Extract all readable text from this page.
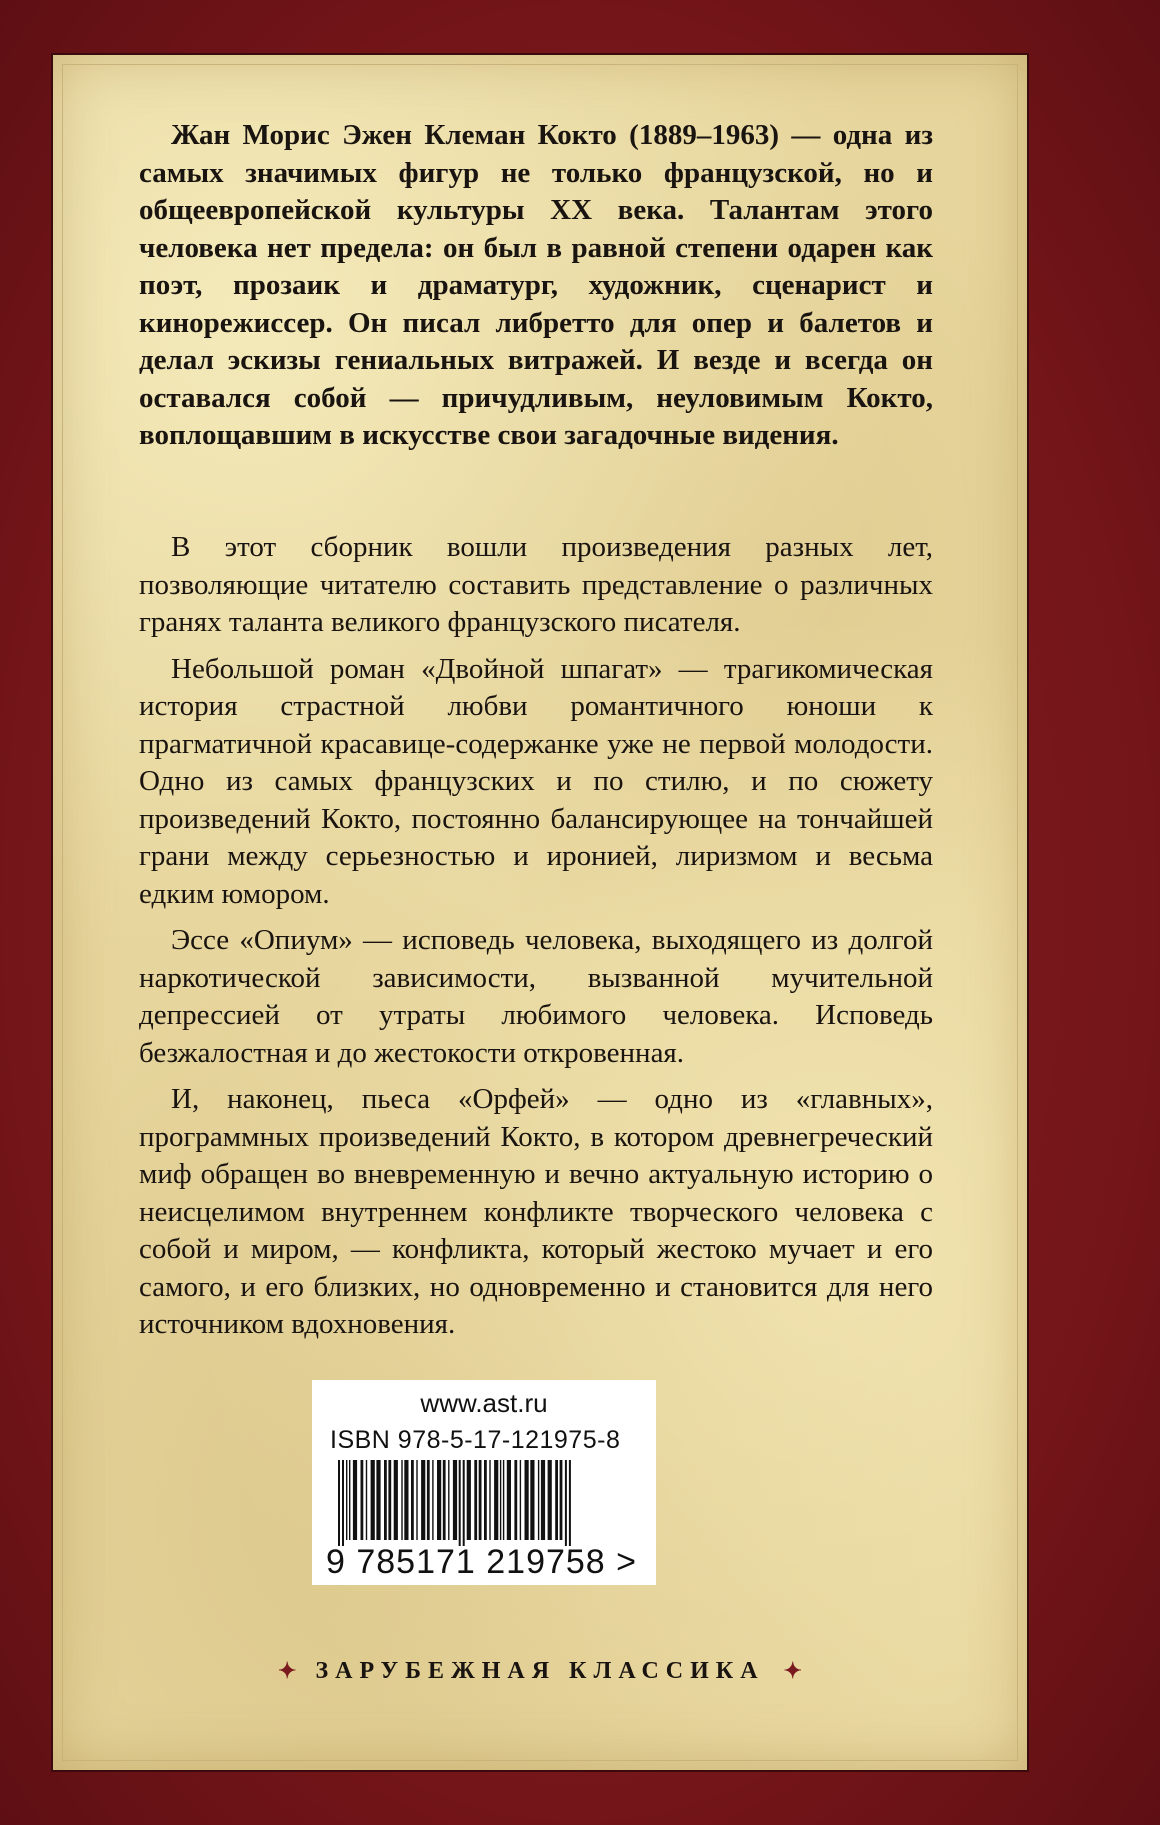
Жан Морис Эжен Клеман Кокто (1889–1963) — одна из самых значимых фигур не только французской, но и общеевропейской культуры XX века. Талантам этого человека нет предела: он был в равной степени одарен как поэт, прозаик и драматург, художник, сценарист и кинорежиссер. Он писал либретто для опер и балетов и делал эскизы гениальных витражей. И везде и всегда он оставался собой — причудливым, неуловимым Кокто, воплощавшим в искусстве свои загадочные видения.

В этот сборник вошли произведения разных лет, позволяющие читателю составить представление о различных гранях таланта великого французского писателя.

Небольшой роман «Двойной шпагат» — трагикомическая история страстной любви романтичного юноши к прагматичной красавице-содержанке уже не первой молодости. Одно из самых французских и по стилю, и по сюжету произведений Кокто, постоянно балансирующее на тончайшей грани между серьезностью и иронией, лиризмом и весьма едким юмором.

Эссе «Опиум» — исповедь человека, выходящего из долгой наркотической зависимости, вызванной мучительной депрессией от утраты любимого человека. Исповедь безжалостная и до жестокости откровенная.

И, наконец, пьеса «Орфей» — одно из «главных», программных произведений Кокто, в котором древнегреческий миф обращен во вневременную и вечно актуальную историю о неисцелимом внутреннем конфликте творческого человека с собой и миром, — конфликта, который жестоко мучает и его самого, и его близких, но одновременно и становится для него источником вдохновения.

www.ast.ru
ISBN 978-5-17-121975-8
9 785171 219758 >
✦ ЗАРУБЕЖНАЯ КЛАССИКА ✦
